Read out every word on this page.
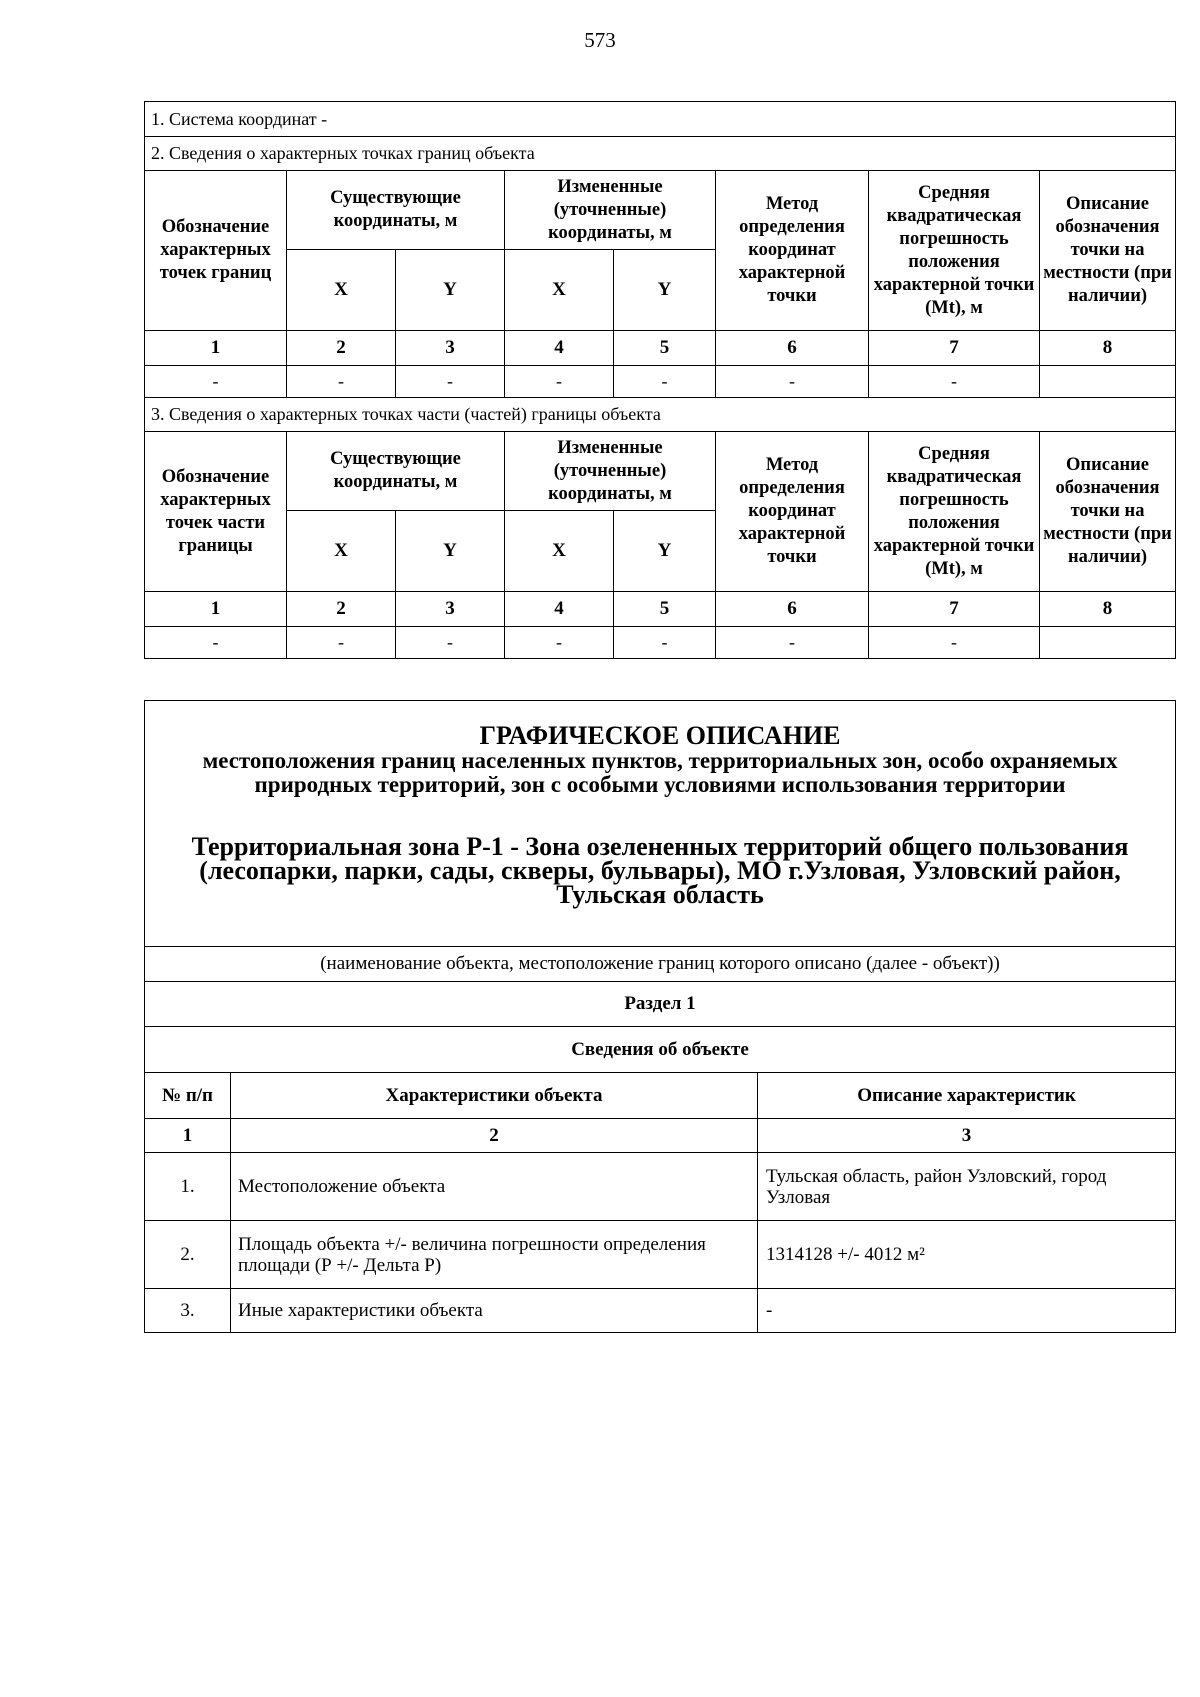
573
1. Система координат -							
2. Сведения о характерных точках границ объекта							
Обозначение характерных точек границ	Существующие координаты, м		Измененные (уточненные) координаты, м		Метод определения координат характерной точки	Средняя квадратическая погрешность положения характерной точки (Mt), м	Описание обозначения точки на местности (при наличии)
	X	Y	X	Y			
1	2	3	4	5	6	7	8
-	-	-	-	-	-	-	
3. Сведения о характерных точках части (частей) границы объекта							
Обозначение характерных точек части границы	Существующие координаты, м		Измененные (уточненные) координаты, м		Метод определения координат характерной точки	Средняя квадратическая погрешность положения характерной точки (Mt), м	Описание обозначения точки на местности (при наличии)
	X	Y	X	Y			
1	2	3	4	5	6	7	8
-	-	-	-	-	-	-	
ГРАФИЧЕСКОЕ ОПИСАНИЕ
местоположения границ населенных пунктов, территориальных зон, особо охраняемых природных территорий, зон с особыми условиями использования территории
Территориальная зона Р-1 - Зона озелененных территорий общего пользования (лесопарки, парки, сады, скверы, бульвары), МО г.Узловая, Узловский район, Тульская область		

(наименование объекта, местоположение границ которого описано (далее - объект))		
Раздел 1		
Сведения об объекте		
№ п/п	Характеристики объекта	Описание характеристик
1	2	3
1.	Местоположение объекта	Тульская область, район Узловский, город Узловая
2.	Площадь объекта +/- величина погрешности определения площади (Р +/- Дельта Р)	1314128 +/- 4012 м²
3.	Иные характеристики объекта	-
